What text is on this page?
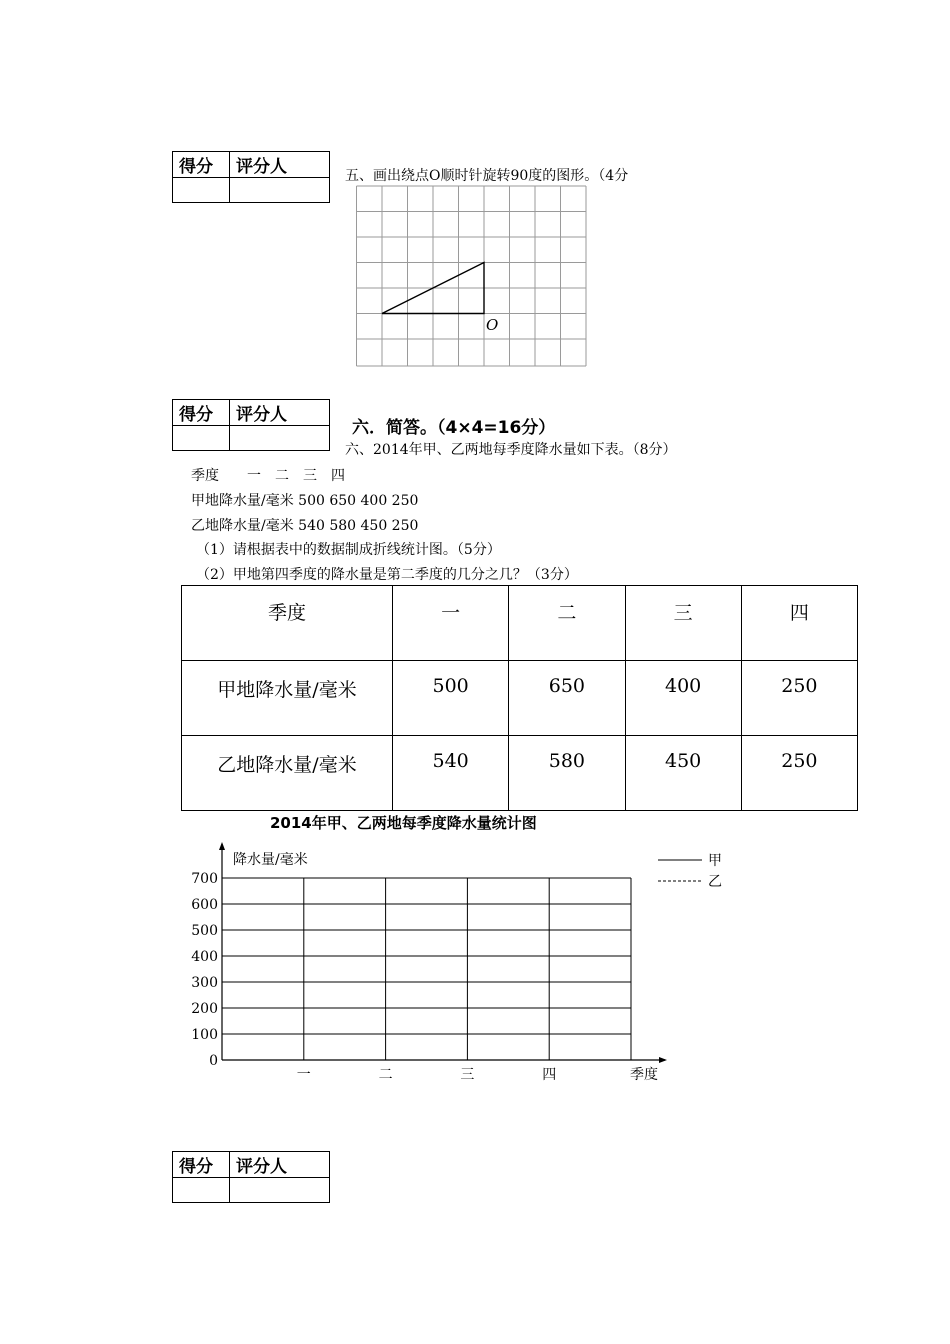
得分	评分人
		五、画出绕点O顺时针旋转90度的图形。（4分
O
得分	评分人

六．简答。（4×4=16分）
六、2014年甲、乙两地每季度降水量如下表。（8分）
季度　　一　二　三　四
甲地降水量/毫米 500 650 400 250
乙地降水量/毫米 540 580 450 250
（1）请根据表中的数据制成折线统计图。（5分）
（2）甲地第四季度的降水量是第二季度的几分之几？（3分）
季度	一	二	三	四
甲地降水量/毫米	500	650	400	250
乙地降水量/毫米	540	580	450	250
2014年甲、乙两地每季度降水量统计图
0
100
200
300
400
500
600
700
一	二	三	四
降水量/毫米
季度
甲
乙
得分	评分人
